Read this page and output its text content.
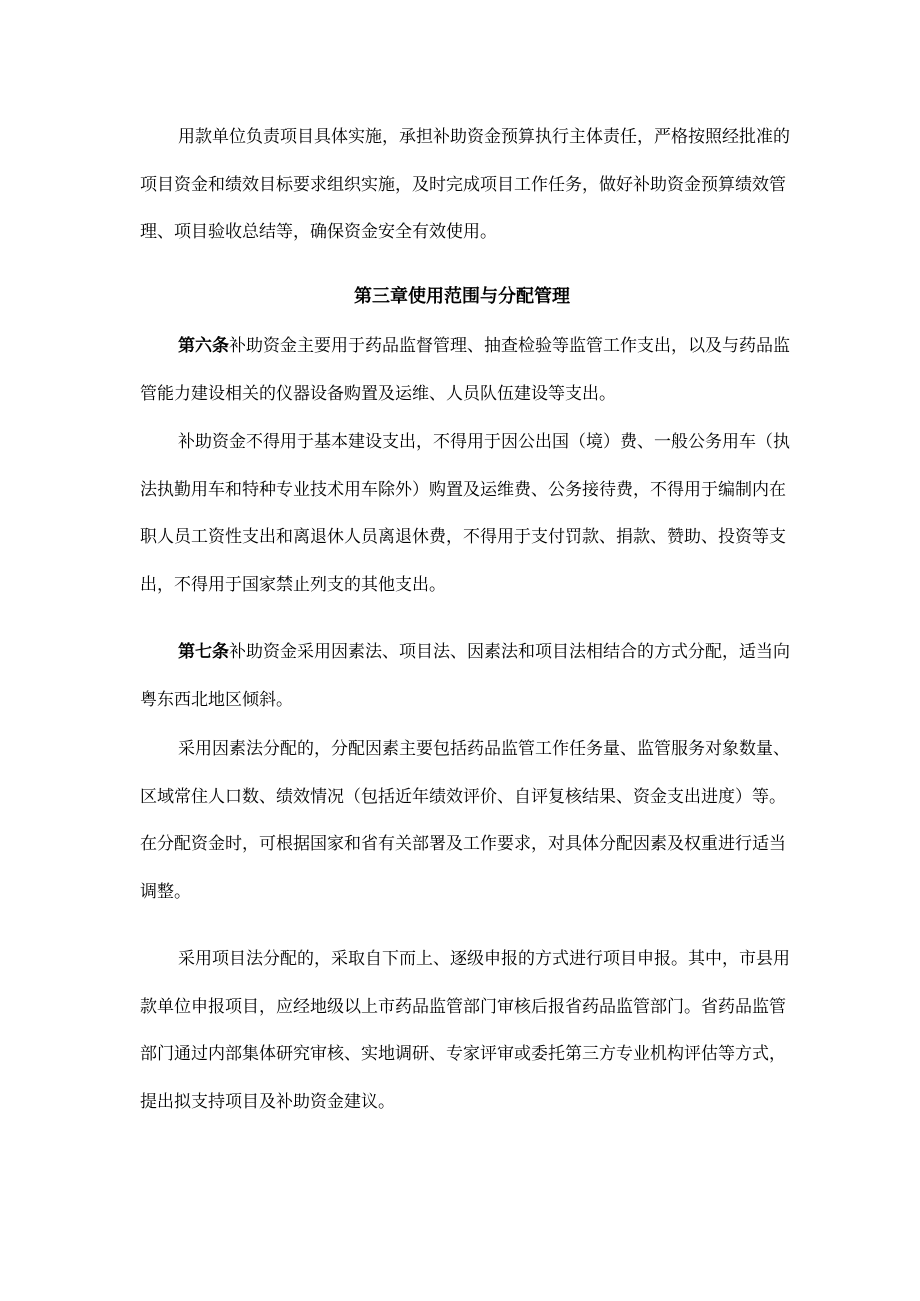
用款单位负责项目具体实施，承担补助资金预算执行主体责任，严格按照经批准的
项目资金和绩效目标要求组织实施，及时完成项目工作任务，做好补助资金预算绩效管
理、项目验收总结等，确保资金安全有效使用。
第三章使用范围与分配管理
第六条补助资金主要用于药品监督管理、抽查检验等监管工作支出，以及与药品监
管能力建设相关的仪器设备购置及运维、人员队伍建设等支出。
补助资金不得用于基本建设支出，不得用于因公出国（境）费、一般公务用车（执
法执勤用车和特种专业技术用车除外）购置及运维费、公务接待费，不得用于编制内在
职人员工资性支出和离退休人员离退休费，不得用于支付罚款、捐款、赞助、投资等支
出，不得用于国家禁止列支的其他支出。
第七条补助资金采用因素法、项目法、因素法和项目法相结合的方式分配，适当向
粤东西北地区倾斜。
采用因素法分配的，分配因素主要包括药品监管工作任务量、监管服务对象数量、
区域常住人口数、绩效情况（包括近年绩效评价、自评复核结果、资金支出进度）等。
在分配资金时，可根据国家和省有关部署及工作要求，对具体分配因素及权重进行适当
调整。
采用项目法分配的，采取自下而上、逐级申报的方式进行项目申报。其中，市县用
款单位申报项目，应经地级以上市药品监管部门审核后报省药品监管部门。省药品监管
部门通过内部集体研究审核、实地调研、专家评审或委托第三方专业机构评估等方式，
提出拟支持项目及补助资金建议。
